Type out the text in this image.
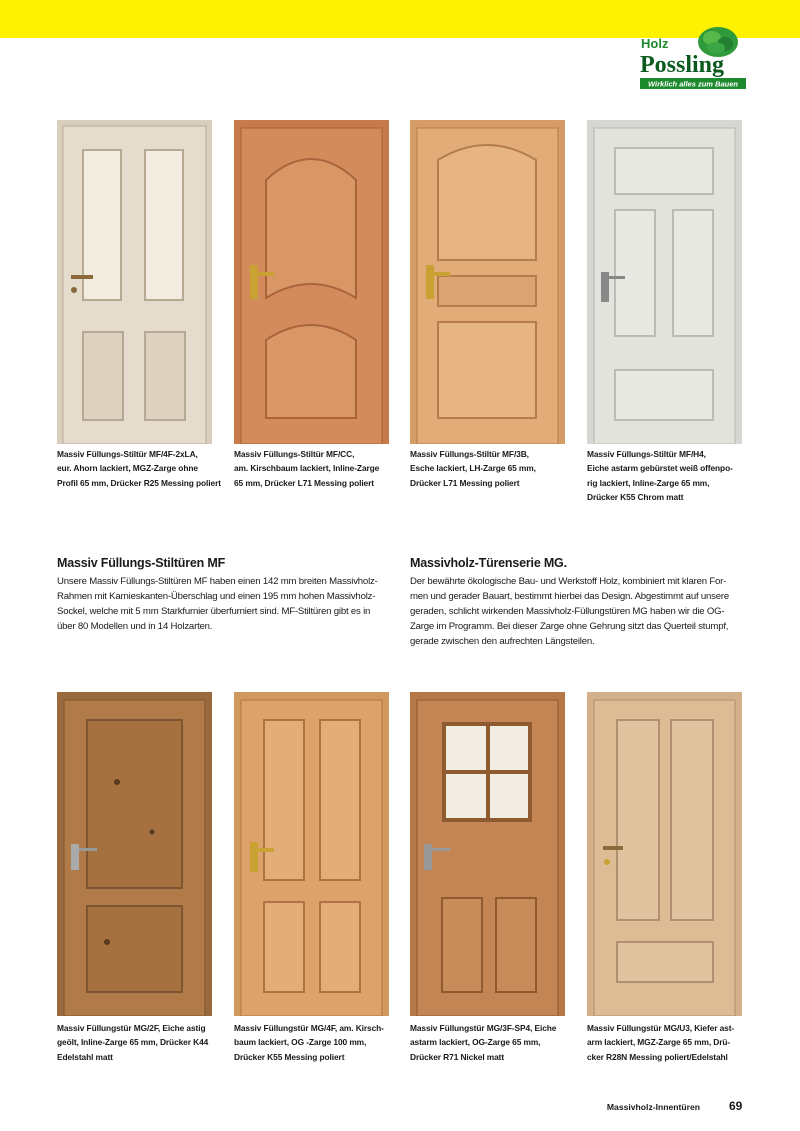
Holz
Possling
Wirklich alles zum Bauen
Massiv Füllungs-Stiltür MF/4F-2xLA,
eur. Ahorn lackiert, MGZ-Zarge ohne
Profil 65 mm, Drücker R25 Messing poliert
Massiv Füllungs-Stiltür MF/CC,
am. Kirschbaum lackiert, Inline-Zarge
65 mm, Drücker L71 Messing poliert
Massiv Füllungs-Stiltür MF/3B,
Esche lackiert, LH-Zarge 65 mm,
Drücker L71 Messing poliert
Massiv Füllungs-Stiltür MF/H4,
Eiche astarm gebürstet weiß offenpo-
rig lackiert, Inline-Zarge 65 mm,
Drücker K55 Chrom matt
Massiv Füllungs-Stiltüren MF
Unsere Massiv Füllungs-Stiltüren MF haben einen 142 mm breiten Massivholz-
Rahmen mit Karnieskanten-Überschlag und einen 195 mm hohen Massivholz-
Sockel, welche mit 5 mm Starkfurnier überfurniert sind. MF-Stiltüren gibt es in
über 80 Modellen und in 14 Holzarten.
Massivholz-Türenserie MG.
Der bewährte ökologische Bau- und Werkstoff Holz, kombiniert mit klaren For-
men und gerader Bauart, bestimmt hierbei das Design. Abgestimmt auf unsere
geraden, schlicht wirkenden Massivholz-Füllungstüren MG haben wir die OG-
Zarge im Programm. Bei dieser Zarge ohne Gehrung sitzt das Querteil stumpf,
gerade zwischen den aufrechten Längsteilen.
Massiv Füllungstür MG/2F, Eiche astig
geölt, Inline-Zarge 65 mm, Drücker K44
Edelstahl matt
Massiv Füllungstür MG/4F, am. Kirsch-
baum lackiert, OG -Zarge 100 mm,
Drücker K55 Messing poliert
Massiv Füllungstür MG/3F-SP4, Eiche
astarm lackiert, OG-Zarge 65 mm,
Drücker R71 Nickel matt
Massiv Füllungstür MG/U3, Kiefer ast-
arm lackiert, MGZ-Zarge 65 mm, Drü-
cker R28N Messing poliert/Edelstahl
Massivholz-Innentüren 69
